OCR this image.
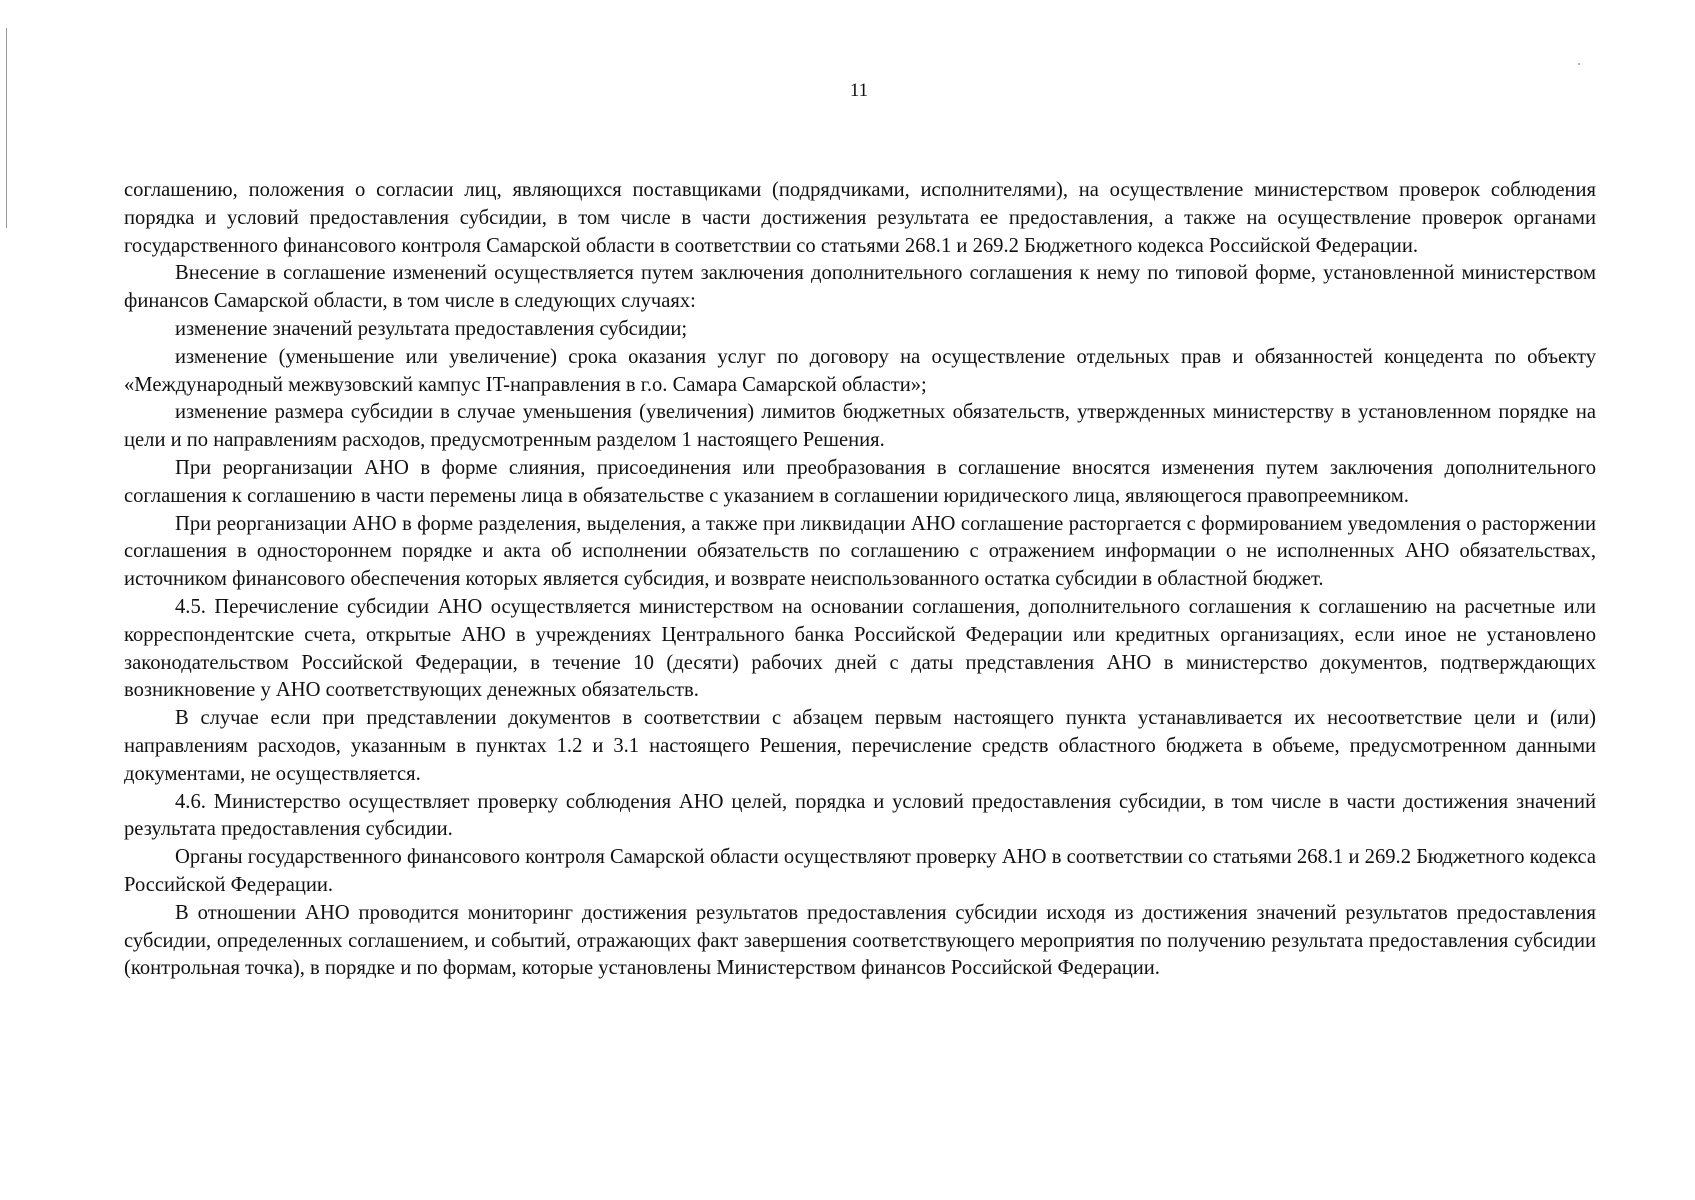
11

соглашению, положения о согласии лиц, являющихся поставщиками (подрядчиками, исполнителями), на осуществление министерством проверок соблюдения порядка и условий предоставления субсидии, в том числе в части достижения результата ее предоставления, а также на осуществление проверок органами государственного финансового контроля Самарской области в соответствии со статьями 268.1 и 269.2 Бюджетного кодекса Российской Федерации.

Внесение в соглашение изменений осуществляется путем заключения дополнительного соглашения к нему по типовой форме, установленной министерством финансов Самарской области, в том числе в следующих случаях:

изменение значений результата предоставления субсидии;

изменение (уменьшение или увеличение) срока оказания услуг по договору на осуществление отдельных прав и обязанностей концедента по объекту «Международный межвузовский кампус IT-направления в г.о. Самара Самарской области»;

изменение размера субсидии в случае уменьшения (увеличения) лимитов бюджетных обязательств, утвержденных министерству в установленном порядке на цели и по направлениям расходов, предусмотренным разделом 1 настоящего Решения.

При реорганизации АНО в форме слияния, присоединения или преобразования в соглашение вносятся изменения путем заключения дополнительного соглашения к соглашению в части перемены лица в обязательстве с указанием в соглашении юридического лица, являющегося правопреемником.

При реорганизации АНО в форме разделения, выделения, а также при ликвидации АНО соглашение расторгается с формированием уведомления о расторжении соглашения в одностороннем порядке и акта об исполнении обязательств по соглашению с отражением информации о не исполненных АНО обязательствах, источником финансового обеспечения которых является субсидия, и возврате неиспользованного остатка субсидии в областной бюджет.

4.5. Перечисление субсидии АНО осуществляется министерством на основании соглашения, дополнительного соглашения к соглашению на расчетные или корреспондентские счета, открытые АНО в учреждениях Центрального банка Российской Федерации или кредитных организациях, если иное не установлено законодательством Российской Федерации, в течение 10 (десяти) рабочих дней с даты представления АНО в министерство документов, подтверждающих возникновение у АНО соответствующих денежных обязательств.

В случае если при представлении документов в соответствии с абзацем первым настоящего пункта устанавливается их несоответствие цели и (или) направлениям расходов, указанным в пунктах 1.2 и 3.1 настоящего Решения, перечисление средств областного бюджета в объеме, предусмотренном данными документами, не осуществляется.

4.6. Министерство осуществляет проверку соблюдения АНО целей, порядка и условий предоставления субсидии, в том числе в части достижения значений результата предоставления субсидии.

Органы государственного финансового контроля Самарской области осуществляют проверку АНО в соответствии со статьями 268.1 и 269.2 Бюджетного кодекса Российской Федерации.

В отношении АНО проводится мониторинг достижения результатов предоставления субсидии исходя из достижения значений результатов предоставления субсидии, определенных соглашением, и событий, отражающих факт завершения соответствующего мероприятия по получению результата предоставления субсидии (контрольная точка), в порядке и по формам, которые установлены Министерством финансов Российской Федерации.
